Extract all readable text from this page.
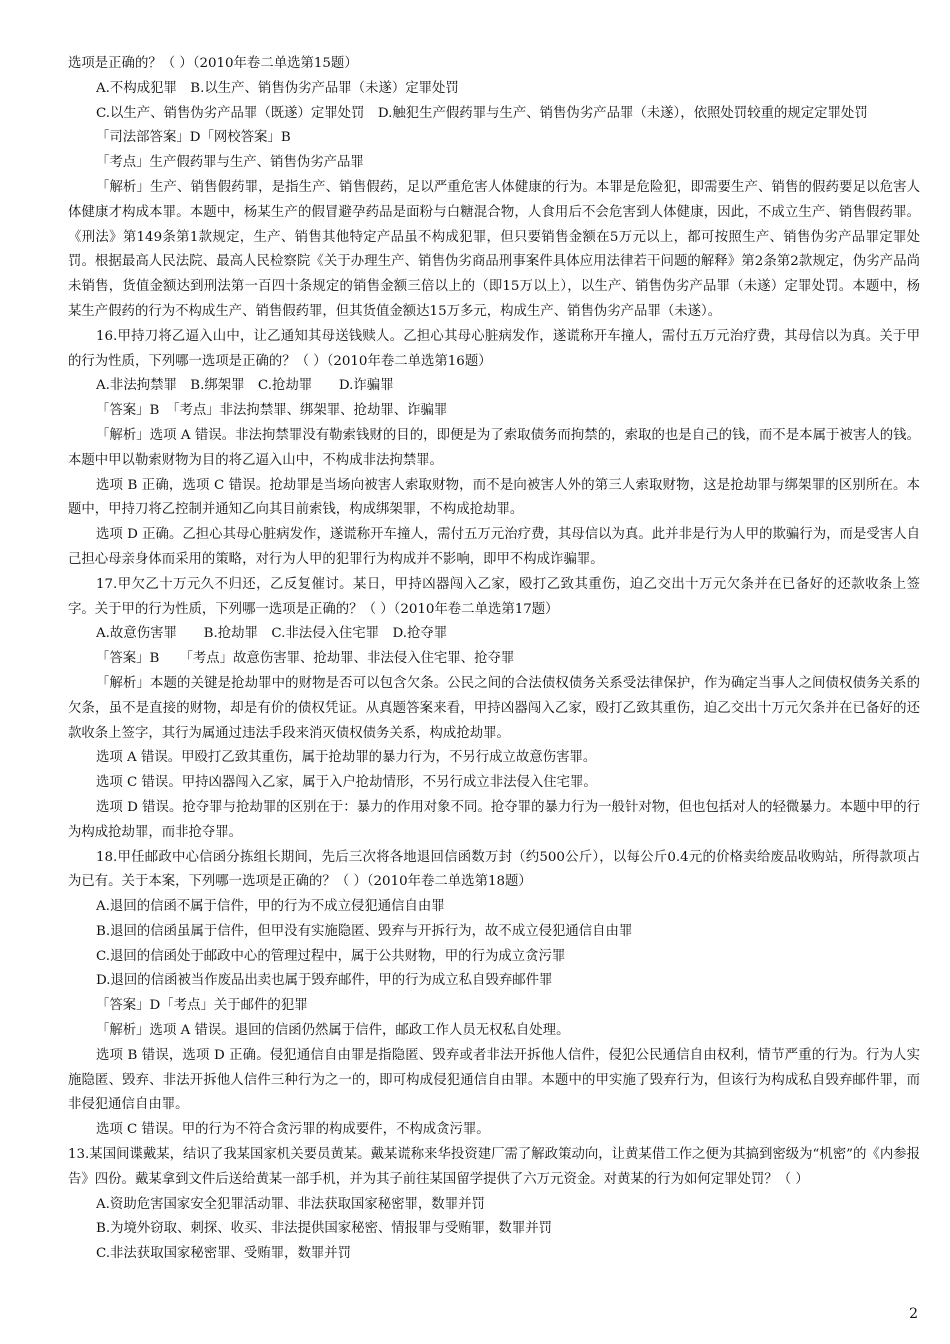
选项是正确的？（ ）（2010年卷二单选第15题）

A.不构成犯罪　B.以生产、销售伪劣产品罪（未遂）定罪处罚

C.以生产、销售伪劣产品罪（既遂）定罪处罚　D.触犯生产假药罪与生产、销售伪劣产品罪（未遂），依照处罚较重的规定定罪处罚

「司法部答案」D「网校答案」B

「考点」生产假药罪与生产、销售伪劣产品罪

「解析」生产、销售假药罪，是指生产、销售假药，足以严重危害人体健康的行为。本罪是危险犯，即需要生产、销售的假药要足以危害人体健康才构成本罪。本题中，杨某生产的假冒避孕药品是面粉与白糖混合物，人食用后不会危害到人体健康，因此，不成立生产、销售假药罪。《刑法》第149条第1款规定，生产、销售其他特定产品虽不构成犯罪，但只要销售金额在5万元以上，都可按照生产、销售伪劣产品罪定罪处罚。根据最高人民法院、最高人民检察院《关于办理生产、销售伪劣商品刑事案件具体应用法律若干问题的解释》第2条第2款规定，伪劣产品尚未销售，货值金额达到刑法第一百四十条规定的销售金额三倍以上的（即15万以上），以生产、销售伪劣产品罪（未遂）定罪处罚。本题中，杨某生产假药的行为不构成生产、销售假药罪，但其货值金额达15万多元，构成生产、销售伪劣产品罪（未遂）。

16.甲持刀将乙逼入山中，让乙通知其母送钱赎人。乙担心其母心脏病发作，遂谎称开车撞人，需付五万元治疗费，其母信以为真。关于甲的行为性质，下列哪一选项是正确的？（ ）（2010年卷二单选第16题）

A.非法拘禁罪　B.绑架罪　C.抢劫罪　　D.诈骗罪

「答案」B　「考点」非法拘禁罪、绑架罪、抢劫罪、诈骗罪

「解析」选项 A 错误。非法拘禁罪没有勒索钱财的目的，即便是为了索取债务而拘禁的，索取的也是自己的钱，而不是本属于被害人的钱。本题中甲以勒索财物为目的将乙逼入山中，不构成非法拘禁罪。

选项 B 正确，选项 C 错误。抢劫罪是当场向被害人索取财物，而不是向被害人外的第三人索取财物，这是抢劫罪与绑架罪的区别所在。本题中，甲持刀将乙控制并通知乙向其目前索钱，构成绑架罪，不构成抢劫罪。

选项 D 正确。乙担心其母心脏病发作，遂谎称开车撞人，需付五万元治疗费，其母信以为真。此并非是行为人甲的欺骗行为，而是受害人自己担心母亲身体而采用的策略，对行为人甲的犯罪行为构成并不影响，即甲不构成诈骗罪。

17.甲欠乙十万元久不归还，乙反复催讨。某日，甲持凶器闯入乙家，殴打乙致其重伤，迫乙交出十万元欠条并在已备好的还款收条上签字。关于甲的行为性质，下列哪一选项是正确的？（ ）（2010年卷二单选第17题）

A.故意伤害罪　　B.抢劫罪　C.非法侵入住宅罪　D.抢夺罪

「答案」B　　「考点」故意伤害罪、抢劫罪、非法侵入住宅罪、抢夺罪

「解析」本题的关键是抢劫罪中的财物是否可以包含欠条。公民之间的合法债权债务关系受法律保护，作为确定当事人之间债权债务关系的欠条，虽不是直接的财物，却是有价的债权凭证。从真题答案来看，甲持凶器闯入乙家，殴打乙致其重伤，迫乙交出十万元欠条并在已备好的还款收条上签字，其行为属通过违法手段来消灭债权债务关系，构成抢劫罪。

选项 A 错误。甲殴打乙致其重伤，属于抢劫罪的暴力行为，不另行成立故意伤害罪。

选项 C 错误。甲持凶器闯入乙家，属于入户抢劫情形，不另行成立非法侵入住宅罪。

选项 D 错误。抢夺罪与抢劫罪的区别在于：暴力的作用对象不同。抢夺罪的暴力行为一般针对物，但也包括对人的轻微暴力。本题中甲的行为构成抢劫罪，而非抢夺罪。

18.甲任邮政中心信函分拣组长期间，先后三次将各地退回信函数万封（约500公斤），以每公斤0.4元的价格卖给废品收购站，所得款项占为已有。关于本案，下列哪一选项是正确的？（ ）（2010年卷二单选第18题）

A.退回的信函不属于信件，甲的行为不成立侵犯通信自由罪

B.退回的信函虽属于信件，但甲没有实施隐匿、毁弃与开拆行为，故不成立侵犯通信自由罪

C.退回的信函处于邮政中心的管理过程中，属于公共财物，甲的行为成立贪污罪

D.退回的信函被当作废品出卖也属于毁弃邮件，甲的行为成立私自毁弃邮件罪

「答案」D「考点」关于邮件的犯罪

「解析」选项 A 错误。退回的信函仍然属于信件，邮政工作人员无权私自处理。

选项 B 错误，选项 D 正确。侵犯通信自由罪是指隐匿、毁弃或者非法开拆他人信件，侵犯公民通信自由权利，情节严重的行为。行为人实施隐匿、毁弃、非法开拆他人信件三种行为之一的，即可构成侵犯通信自由罪。本题中的甲实施了毁弃行为，但该行为构成私自毁弃邮件罪，而非侵犯通信自由罪。

选项 C 错误。甲的行为不符合贪污罪的构成要件，不构成贪污罪。

13.某国间谍戴某，结识了我某国家机关要员黄某。戴某谎称来华投资建厂需了解政策动向，让黄某借工作之便为其搞到密级为“机密”的《内参报告》四份。戴某拿到文件后送给黄某一部手机，并为其子前往某国留学提供了六万元资金。对黄某的行为如何定罪处罚？（ ）

A.资助危害国家安全犯罪活动罪、非法获取国家秘密罪，数罪并罚

B.为境外窃取、刺探、收买、非法提供国家秘密、情报罪与受贿罪，数罪并罚

C.非法获取国家秘密罪、受贿罪，数罪并罚

2
